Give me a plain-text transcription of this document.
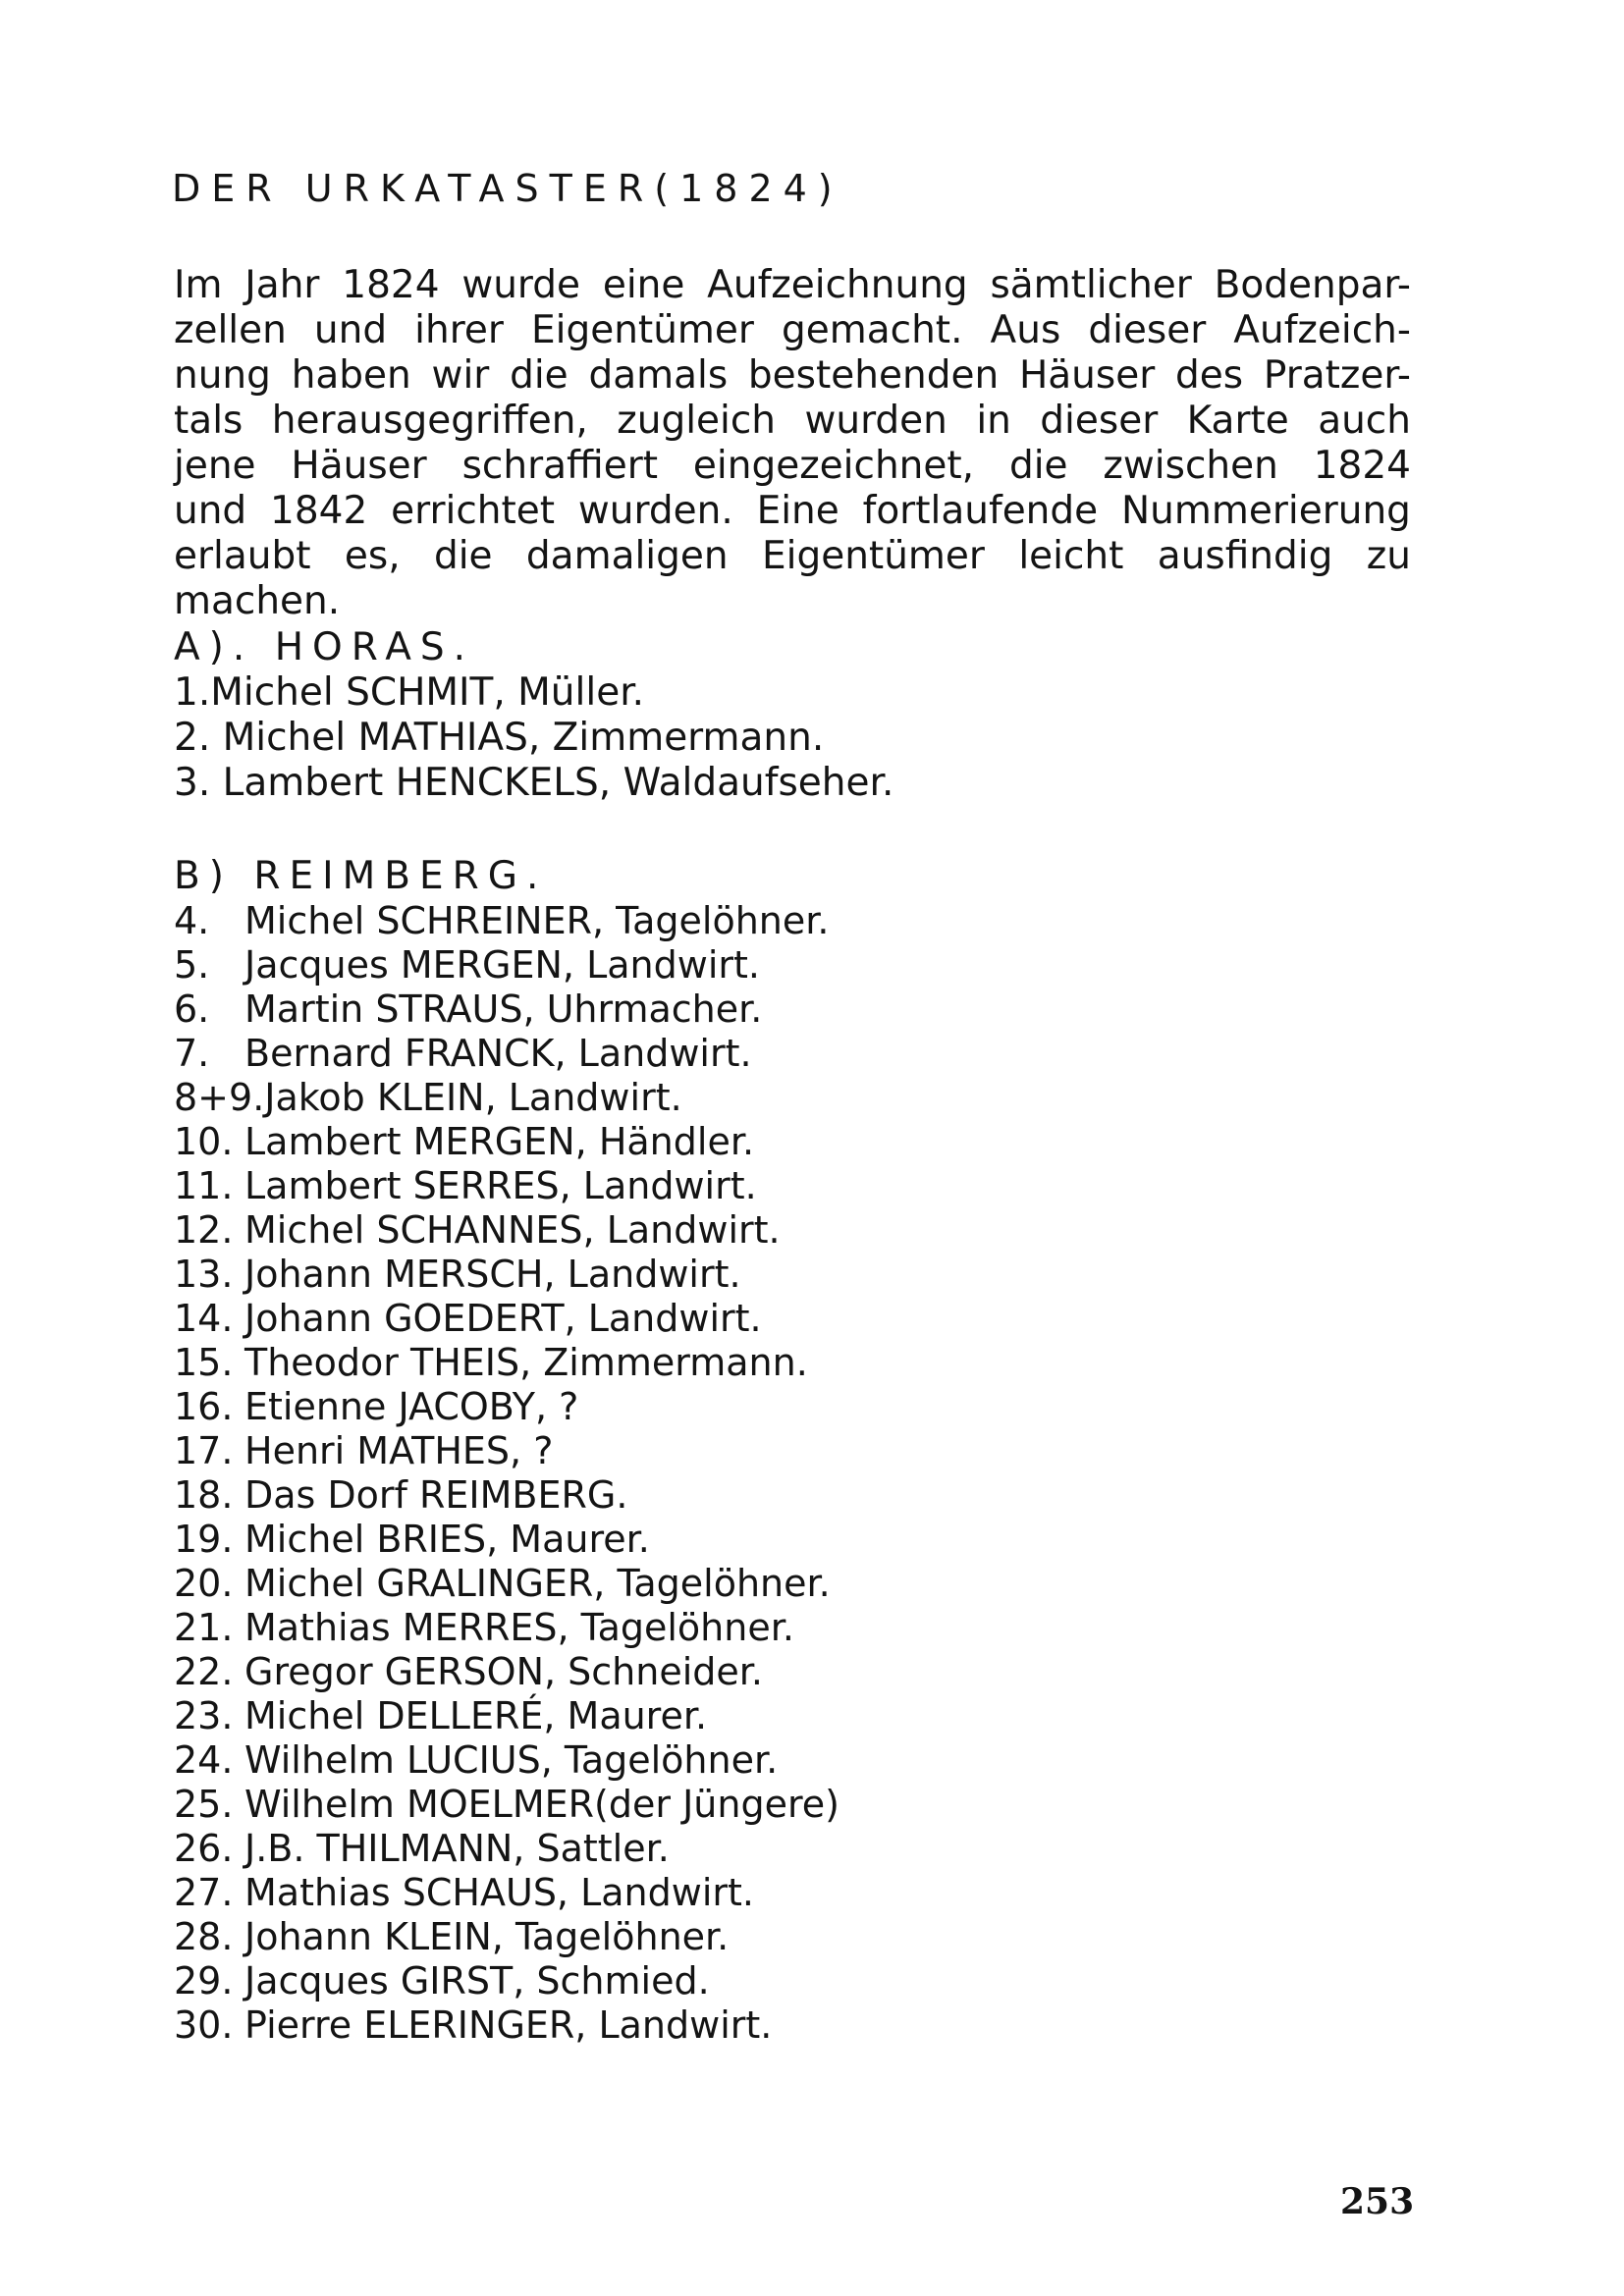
DER URKATASTER(1824)
Im Jahr 1824 wurde eine Aufzeichnung sämtlicher Bodenpar-
zellen und ihrer Eigentümer gemacht. Aus dieser Aufzeich-
nung haben wir die damals bestehenden Häuser des Pratzer-
tals herausgegriffen, zugleich wurden in dieser Karte auch
jene Häuser schraffiert eingezeichnet, die zwischen 1824
und 1842 errichtet wurden. Eine fortlaufende Nummerierung
erlaubt es, die damaligen Eigentümer leicht ausfindig zu
machen.
A). HORAS.
1.Michel SCHMIT, Müller.
2. Michel MATHIAS, Zimmermann.
3. Lambert HENCKELS, Waldaufseher.
B) REIMBERG.
4. Michel SCHREINER, Tagelöhner.
5. Jacques MERGEN, Landwirt.
6. Martin STRAUS, Uhrmacher.
7. Bernard FRANCK, Landwirt.
8+9.Jakob KLEIN, Landwirt.
10. Lambert MERGEN, Händler.
11. Lambert SERRES, Landwirt.
12. Michel SCHANNES, Landwirt.
13. Johann MERSCH, Landwirt.
14. Johann GOEDERT, Landwirt.
15. Theodor THEIS, Zimmermann.
16. Etienne JACOBY, ?
17. Henri MATHES, ?
18. Das Dorf REIMBERG.
19. Michel BRIES, Maurer.
20. Michel GRALINGER, Tagelöhner.
21. Mathias MERRES, Tagelöhner.
22. Gregor GERSON, Schneider.
23. Michel DELLERÉ, Maurer.
24. Wilhelm LUCIUS, Tagelöhner.
25. Wilhelm MOELMER(der Jüngere)
26. J.B. THILMANN, Sattler.
27. Mathias SCHAUS, Landwirt.
28. Johann KLEIN, Tagelöhner.
29. Jacques GIRST, Schmied.
30. Pierre ELERINGER, Landwirt.
253
